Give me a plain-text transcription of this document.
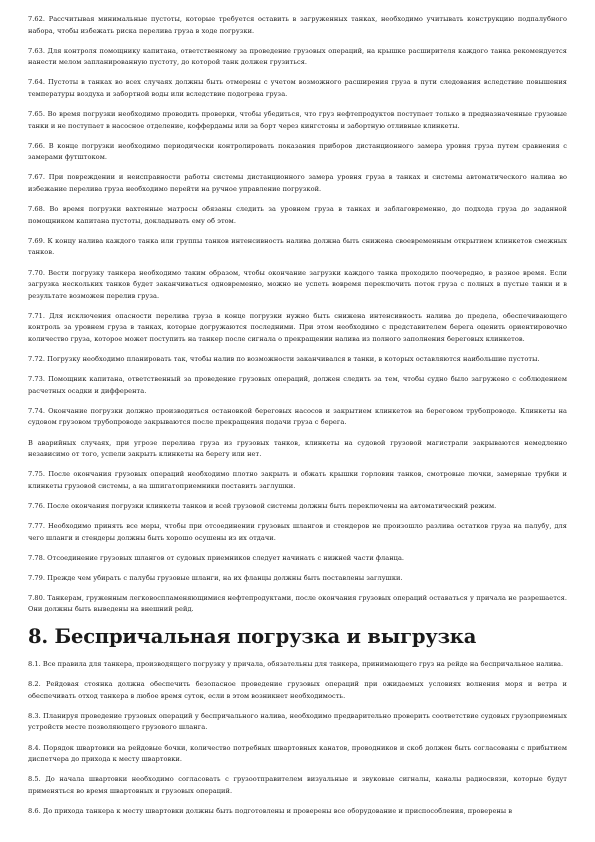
7.62. Рассчитывая минимальные пустоты, которые требуется оставить в загруженных танках, необходимо учитывать конструкцию подпалубного набора, чтобы избежать риска перелива груза в ходе погрузки.

7.63. Для контроля помощнику капитана, ответственному за проведение грузовых операций, на крышке расширителя каждого танка рекомендуется нанести мелом запланированную пустоту, до которой танк должен грузиться.

7.64. Пустоты в танках во всех случаях должны быть отмерены с учетом возможного расширения груза в пути следования вследствие повышения температуры воздуха и забортной воды или вследствие подогрева груза.

7.65. Во время погрузки необходимо проводить проверки, чтобы убедиться, что груз нефтепродуктов поступает только в предназначенные грузовые танки и не поступает в насосное отделение, коффердамы или за борт через кингстоны и забортную отливные клинкеты.

7.66. В конце погрузки необходимо периодически контролировать показания приборов дистанционного замера уровня груза путем сравнения с замерами футштоком.

7.67. При повреждении и неисправности работы системы дистанционного замера уровня груза в танках и системы автоматического налива во избежание перелива груза необходимо перейти на ручное управление погрузкой.

7.68. Во время погрузки вахтенные матросы обязаны следить за уровнем груза в танках и заблаговременно, до подхода груза до заданной помощником капитана пустоты, докладывать ему об этом.

7.69. К концу налива каждого танка или группы танков интенсивность налива должна быть снижена своевременным открытием клинкетов смежных танков.

7.70. Вести погрузку танкера необходимо таким образом, чтобы окончание загрузки каждого танка проходило поочередно, в разное время. Если загрузка нескольких танков будет заканчиваться одновременно, можно не успеть вовремя переключить поток груза с полных в пустые танки и в результате возможен перелив груза.

7.71. Для исключения опасности перелива груза в конце погрузки нужно быть снижена интенсивность налива до предела, обеспечивающего контроль за уровнем груза в танках, которые догружаются последними. При этом необходимо с представителем берега оценить ориентировочно количество груза, которое может поступить на танкер после сигнала о прекращении налива из полного заполнения береговых клинкетов.

7.72. Погрузку необходимо планировать так, чтобы налив по возможности заканчивался в танки, в которых оставляются наибольшие пустоты.

7.73. Помощник капитана, ответственный за проведение грузовых операций, должен следить за тем, чтобы судно было загружено с соблюдением расчетных осадки и дифферента.

7.74. Окончание погрузки должно производиться остановкой береговых насосов и закрытием клинкетов на береговом трубопроводе. Клинкеты на судовом грузовом трубопроводе закрываются после прекращения подачи груза с берега.

В аварийных случаях, при угрозе перелива груза из грузовых танков, клинкеты на судовой грузовой магистрали закрываются немедленно независимо от того, успели закрыть клинкеты на берегу или нет.

7.75. После окончания грузовых операций необходимо плотно закрыть и обжать крышки горловин танков, смотровые лючки, замерные трубки и клинкеты грузовой системы, а на шпигатоприемники поставить заглушки.

7.76. После окончания погрузки клинкеты танков и всей грузовой системы должны быть переключены на автоматический режим.

7.77. Необходимо принять все меры, чтобы при отсоединении грузовых шлангов и стендеров не произошло разлива остатков груза на палубу, для чего шланги и стендеры должны быть хорошо осушены из их отдачи.

7.78. Отсоединение грузовых шлангов от судовых приемников следует начинать с нижней части фланца.

7.79. Прежде чем убирать с палубы грузовые шланги, на их фланцы должны быть поставлены заглушки.

7.80. Танкерам, груженным легковоспламеняющимися нефтепродуктами, после окончания грузовых операций оставаться у причала не разрешается. Они должны быть выведены на внешний рейд.

8. Беспричальная погрузка и выгрузка

8.1. Все правила для танкера, производящего погрузку у причала, обязательны для танкера, принимающего груз на рейде на беспричальное налива.

8.2. Рейдовая стоянка должна обеспечить безопасное проведение грузовых операций при ожидаемых условиях волнения моря и ветра и обеспечивать отход танкера в любое время суток, если в этом возникнет необходимость.

8.3. Планируя проведение грузовых операций у беспричального налива, необходимо предварительно проверить соответствие судовых грузоприемных устройств месте позволяющего грузового шланга.

8.4. Порядок швартовки на рейдовые бочки, количество потребных швартовных канатов, проводников и скоб должен быть согласованы с прибытием диспетчера до прихода к месту швартовки.

8.5. До начала швартовки необходимо согласовать с грузоотправителем визуальные и звуковые сигналы, каналы радиосвязи, которые будут применяться во время швартовных и грузовых операций.

8.6. До прихода танкера к месту швартовки должны быть подготовлены и проверены все оборудование и приспособления, проверены в
